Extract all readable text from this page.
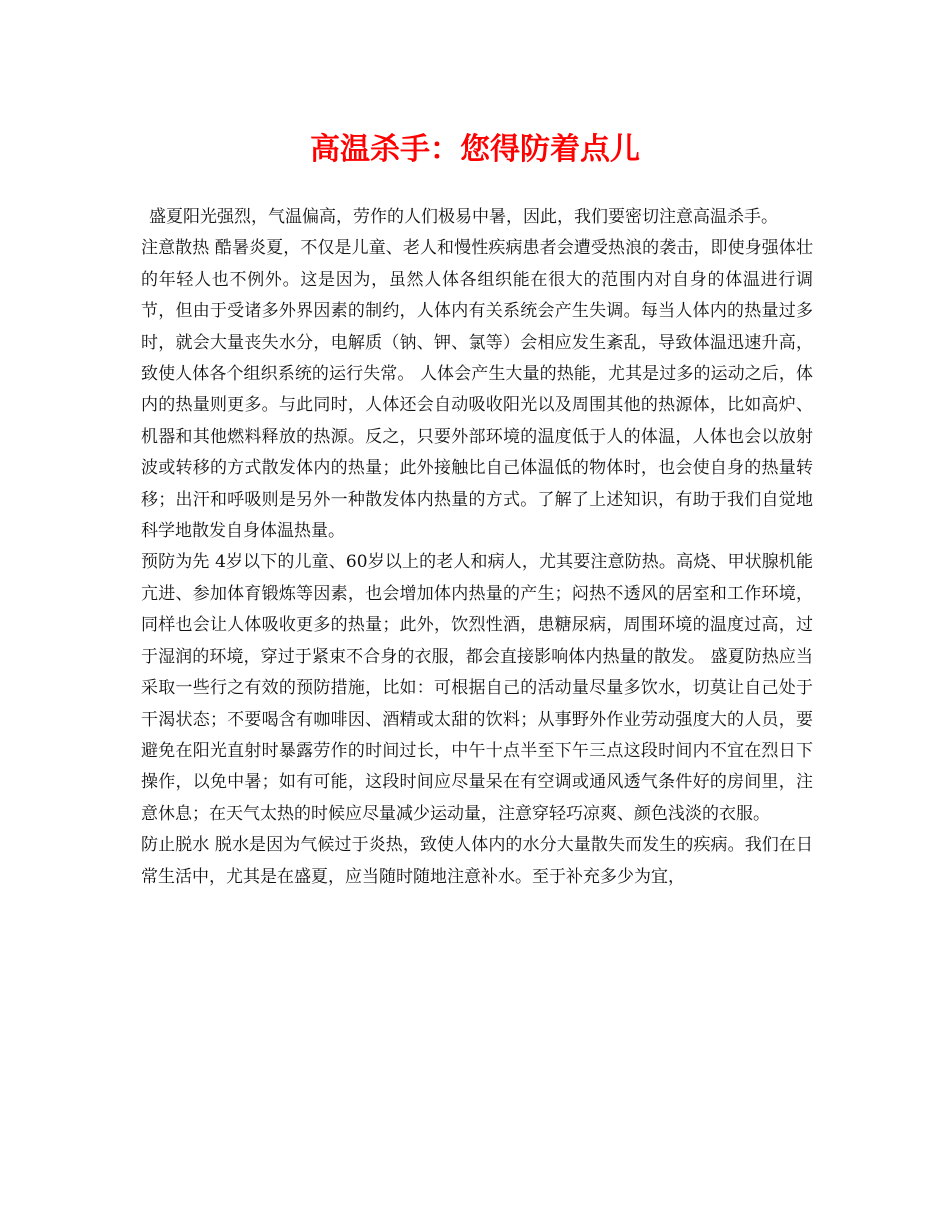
高温杀手：您得防着点儿

盛夏阳光强烈，气温偏高，劳作的人们极易中暑，因此，我们要密切注意高温杀手。

注意散热 酷暑炎夏，不仅是儿童、老人和慢性疾病患者会遭受热浪的袭击，即使身强体壮的年轻人也不例外。这是因为，虽然人体各组织能在很大的范围内对自身的体温进行调节，但由于受诸多外界因素的制约，人体内有关系统会产生失调。每当人体内的热量过多时，就会大量丧失水分，电解质（钠、钾、氯等）会相应发生紊乱，导致体温迅速升高，致使人体各个组织系统的运行失常。 人体会产生大量的热能，尤其是过多的运动之后，体内的热量则更多。与此同时，人体还会自动吸收阳光以及周围其他的热源体，比如高炉、机器和其他燃料释放的热源。反之，只要外部环境的温度低于人的体温，人体也会以放射波或转移的方式散发体内的热量；此外接触比自己体温低的物体时，也会使自身的热量转移；出汗和呼吸则是另外一种散发体内热量的方式。了解了上述知识，有助于我们自觉地科学地散发自身体温热量。

预防为先 4岁以下的儿童、60岁以上的老人和病人，尤其要注意防热。高烧、甲状腺机能亢进、参加体育锻炼等因素，也会增加体内热量的产生；闷热不透风的居室和工作环境，同样也会让人体吸收更多的热量；此外，饮烈性酒，患糖尿病，周围环境的温度过高，过于湿润的环境，穿过于紧束不合身的衣服，都会直接影响体内热量的散发。 盛夏防热应当采取一些行之有效的预防措施，比如：可根据自己的活动量尽量多饮水，切莫让自己处于干渴状态；不要喝含有咖啡因、酒精或太甜的饮料；从事野外作业劳动强度大的人员，要避免在阳光直射时暴露劳作的时间过长，中午十点半至下午三点这段时间内不宜在烈日下操作，以免中暑；如有可能，这段时间应尽量呆在有空调或通风透气条件好的房间里，注意休息；在天气太热的时候应尽量减少运动量，注意穿轻巧凉爽、颜色浅淡的衣服。

防止脱水 脱水是因为气候过于炎热，致使人体内的水分大量散失而发生的疾病。我们在日常生活中，尤其是在盛夏，应当随时随地注意补水。至于补充多少为宜，
